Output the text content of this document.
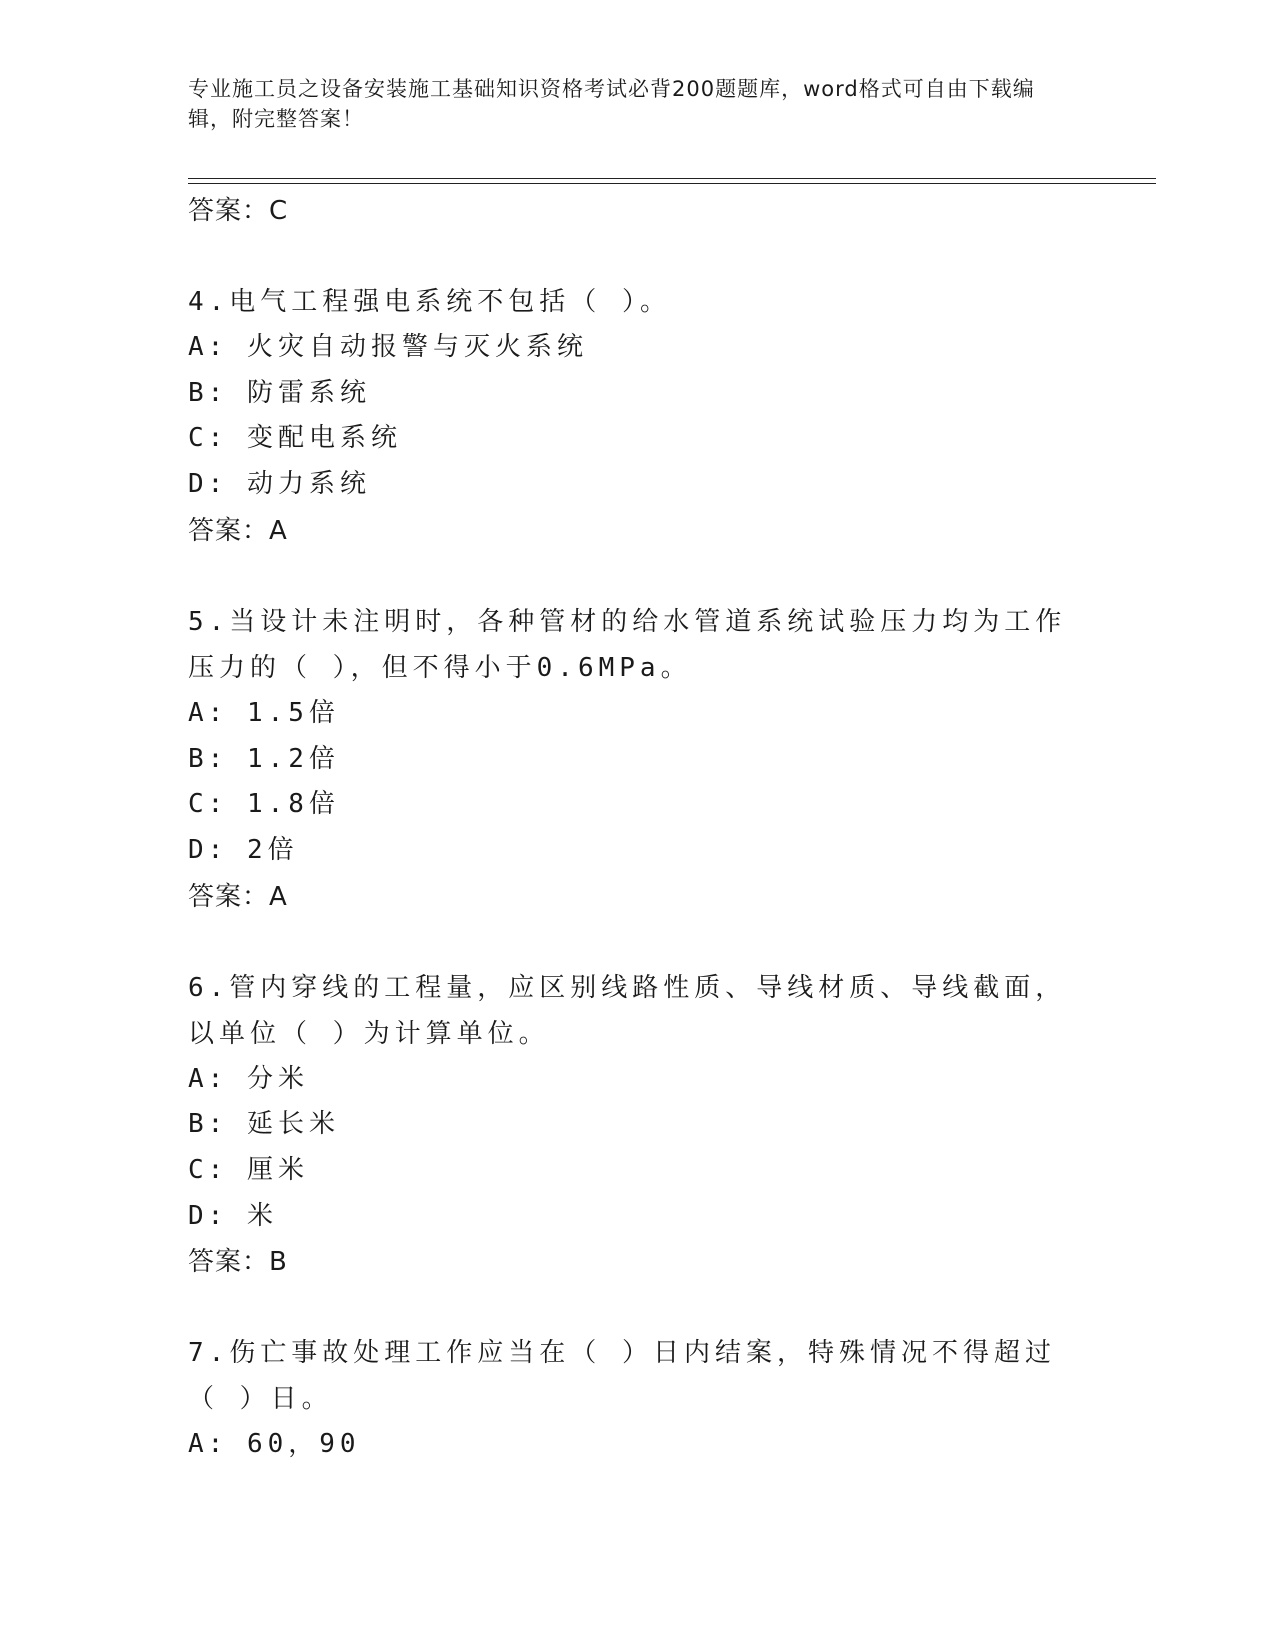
专业施工员之设备安装施工基础知识资格考试必背200题题库，word格式可自由下载编辑，附完整答案！
答案：C
4.电气工程强电系统不包括（ ）。
A: 火灾自动报警与灭火系统
B: 防雷系统
C: 变配电系统
D: 动力系统
答案：A
5.当设计未注明时，各种管材的给水管道系统试验压力均为工作压力的（ ），但不得小于0.6MPa。
A: 1.5倍
B: 1.2倍
C: 1.8倍
D: 2倍
答案：A
6.管内穿线的工程量，应区别线路性质、导线材质、导线截面，以单位（ ）为计算单位。
A: 分米
B: 延长米
C: 厘米
D: 米
答案：B
7.伤亡事故处理工作应当在（ ）日内结案，特殊情况不得超过（ ）日。
A: 60，90
